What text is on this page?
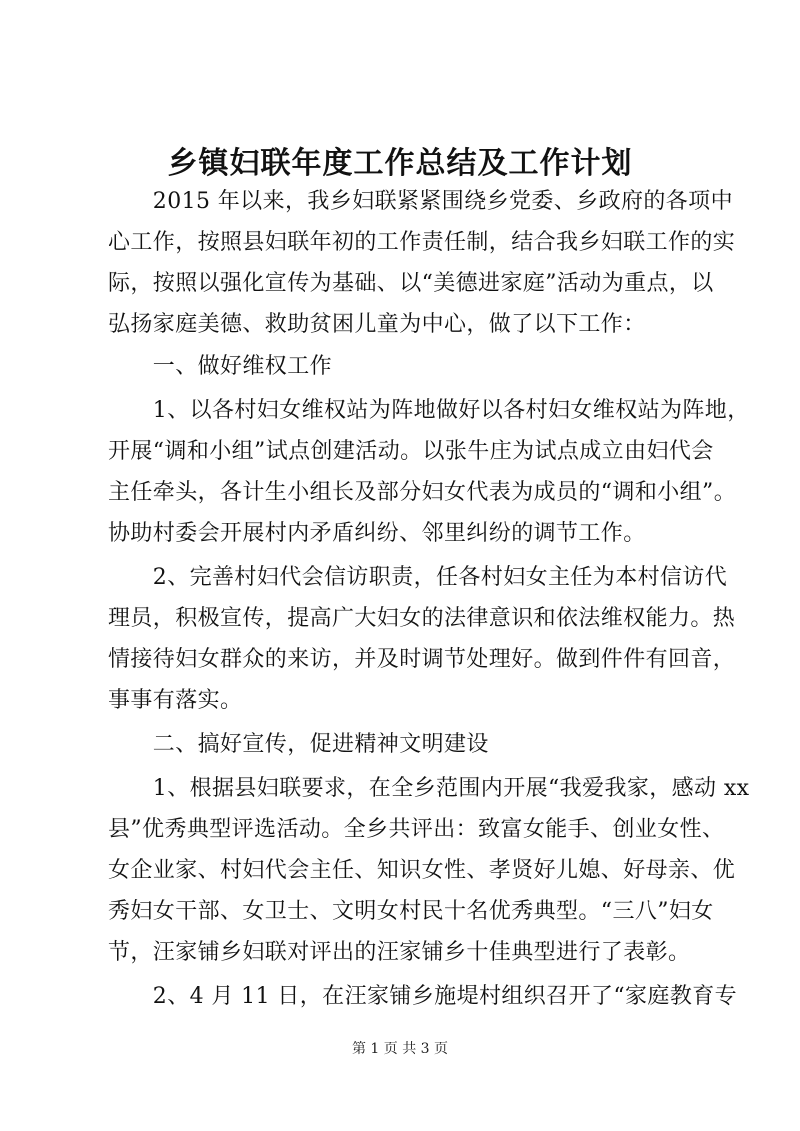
乡镇妇联年度工作总结及工作计划
　　2015 年以来，我乡妇联紧紧围绕乡党委、乡政府的各项中
心工作，按照县妇联年初的工作责任制，结合我乡妇联工作的实
际，按照以强化宣传为基础、以“美德进家庭”活动为重点，以
弘扬家庭美德、救助贫困儿童为中心，做了以下工作：
　　一、做好维权工作
　　1、以各村妇女维权站为阵地做好以各村妇女维权站为阵地，
开展“调和小组”试点创建活动。以张牛庄为试点成立由妇代会
主任牵头，各计生小组长及部分妇女代表为成员的“调和小组”。
协助村委会开展村内矛盾纠纷、邻里纠纷的调节工作。
　　2、完善村妇代会信访职责，任各村妇女主任为本村信访代
理员，积极宣传，提高广大妇女的法律意识和依法维权能力。热
情接待妇女群众的来访，并及时调节处理好。做到件件有回音，
事事有落实。
　　二、搞好宣传，促进精神文明建设
　　1、根据县妇联要求，在全乡范围内开展“我爱我家，感动 xx
县”优秀典型评选活动。全乡共评出：致富女能手、创业女性、
女企业家、村妇代会主任、知识女性、孝贤好儿媳、好母亲、优
秀妇女干部、女卫士、文明女村民十名优秀典型。“三八”妇女
节，汪家铺乡妇联对评出的汪家铺乡十佳典型进行了表彰。
　　2、4 月 11 日，在汪家铺乡施堤村组织召开了“家庭教育专
第 1 页 共 3 页
